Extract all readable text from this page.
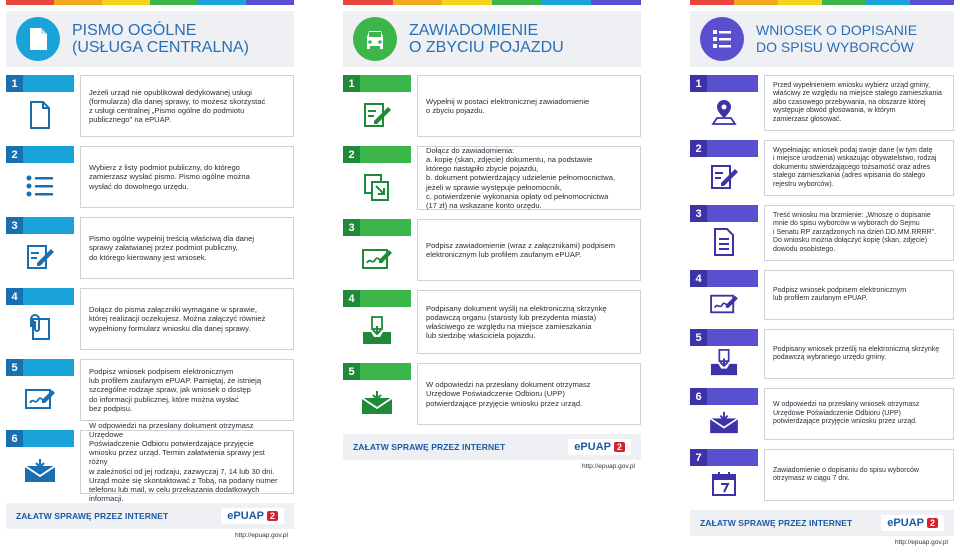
PISMO OGÓLNE
(USŁUGA CENTRALNA)
1
Jeżeli urząd nie opublikował dedykowanej usługi
(formularza) dla danej sprawy, to możesz skorzystać
z usługi centralnej „Pismo ogólne do podmiotu
publicznego" na ePUAP.
2
Wybierz z listy podmiot publiczny, do którego
zamierzasz wysłać pismo. Pismo ogólne można
wysłać do dowolnego urzędu.
3
Pismo ogólne wypełnij treścią właściwą dla danej
sprawy załatwianej przez podmiot publiczny,
do którego kierowany jest wniosek.
4
Dołącz do pisma załączniki wymagane w sprawie,
której realizacji oczekujesz. Można załączyć również
wypełniony formularz wniosku dla danej sprawy.
5	Podpisz wniosek podpisem elektronicznym
lub profilem zaufanym ePUAP. Pamiętaj, że istnieją
szczególne rodzaje spraw, jak wniosek o dostęp
do informacji publicznej, które można wysłać
bez podpisu.
6
W odpowiedzi na przesłany dokument otrzymasz Urzędowe
Poświadczenie Odbioru potwierdzające przyjęcie
wniosku przez urząd. Termin załatwienia sprawy jest różny
w zależności od jej rodzaju, zazwyczaj 7, 14 lub 30 dni.
Urząd może się skontaktować z Tobą, na podany numer
telefonu lub mail, w celu przekazania dodatkowych informacji.
ZAŁATW SPRAWĘ PRZEZ INTERNET	ePUAP 2
http://epuap.gov.pl
ZAWIADOMIENIE
O ZBYCIU POJAZDU
1
Wypełnij w postaci elektronicznej zawiadomienie
o zbyciu pojazdu.
2	Dołącz do zawiadomienia:
a. kopię (skan, zdjęcie) dokumentu, na podstawie
którego nastąpiło zbycie pojazdu,
b. dokument potwierdzający udzielenie pełnomocnictwa,
jeżeli w sprawie występuje pełnomocnik,
c. potwierdzenie wykonania opłaty od pełnomocnictwa
(17 zł) na wskazane konto urzędu.
3
Podpisz zawiadomienie (wraz z załącznikami) podpisem
elektronicznym lub profilem zaufanym ePUAP.
4
Podpisany dokument wyślij na elektroniczną skrzynkę
podawczą organu (starosty lub prezydenta miasta)
właściwego ze względu na miejsce zamieszkania
lub siedzibę właściciela pojazdu.
5
W odpowiedzi na przesłany dokument otrzymasz
Urzędowe Poświadczenie Odbioru (UPP)
potwierdzające przyjęcie wniosku przez urząd.
ZAŁATW SPRAWĘ PRZEZ INTERNET	ePUAP 2
http://epuap.gov.pl
WNIOSEK O DOPISANIE
DO SPISU WYBORCÓW
1	Przed wypełnieniem wniosku wybierz urząd gminy,
właściwy ze względu na miejsce stałego zamieszkania
albo czasowego przebywania, na obszarze której
występuje obwód głosowania, w którym
zamierzasz głosować.
2	Wypełniając wniosek podaj swoje dane (w tym datę
i miejsce urodzenia) wskazując obywatelstwo, rodzaj
dokumentu stwierdzającego tożsamość oraz adres
stałego zamieszkania (adres wpisania do stałego
rejestru wyborców).
3	Treść wniosku ma brzmienie: „Wnoszę o dopisanie
mnie do spisu wyborców w wyborach do Sejmu
i Senatu RP zarządzonych na dzień DD.MM.RRRR".
Do wniosku można dołączyć kopię (skan, zdjęcie)
dowodu osobistego.
4
Podpisz wniosek podpisem elektronicznym
lub profilem zaufanym ePUAP.
5
Podpisany wniosek prześlij na elektroniczną skrzynkę
podawczą wybranego urzędu gminy.
6
W odpowiedzi na przesłany wniosek otrzymasz
Urzędowe Poświadczenie Odbioru (UPP)
potwierdzające przyjęcie wniosku przez urząd.
7
Zawiadomienie o dopisaniu do spisu wyborców
otrzymasz w ciągu 7 dni.
ZAŁATW SPRAWĘ PRZEZ INTERNET	ePUAP 2
http://epuap.gov.pl
